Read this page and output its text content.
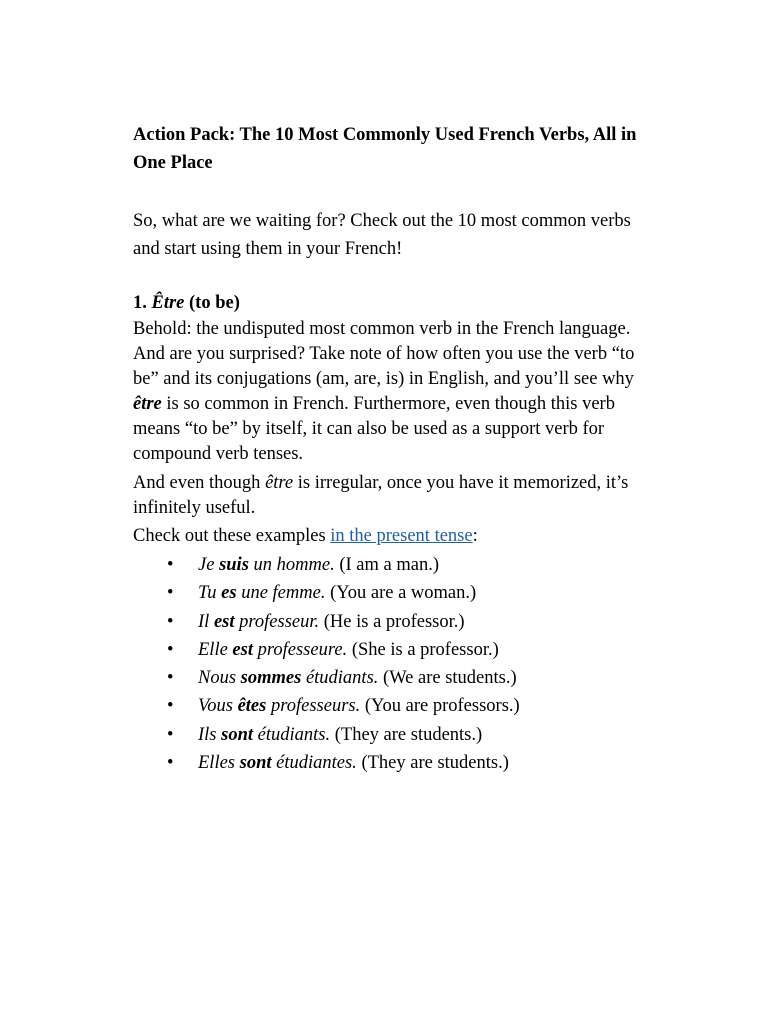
Action Pack: The 10 Most Commonly Used French Verbs, All in One Place

So, what are we waiting for? Check out the 10 most common verbs and start using them in your French!

1. Être (to be)

Behold: the undisputed most common verb in the French language. And are you surprised? Take note of how often you use the verb “to be” and its conjugations (am, are, is) in English, and you’ll see why être is so common in French. Furthermore, even though this verb means “to be” by itself, it can also be used as a support verb for compound verb tenses.

And even though être is irregular, once you have it memorized, it’s infinitely useful.

Check out these examples in the present tense:

• Je suis un homme. (I am a man.)
• Tu es une femme. (You are a woman.)
• Il est professeur. (He is a professor.)
• Elle est professeure. (She is a professor.)
• Nous sommes étudiants. (We are students.)
• Vous êtes professeurs. (You are professors.)
• Ils sont étudiants. (They are students.)
• Elles sont étudiantes. (They are students.)
